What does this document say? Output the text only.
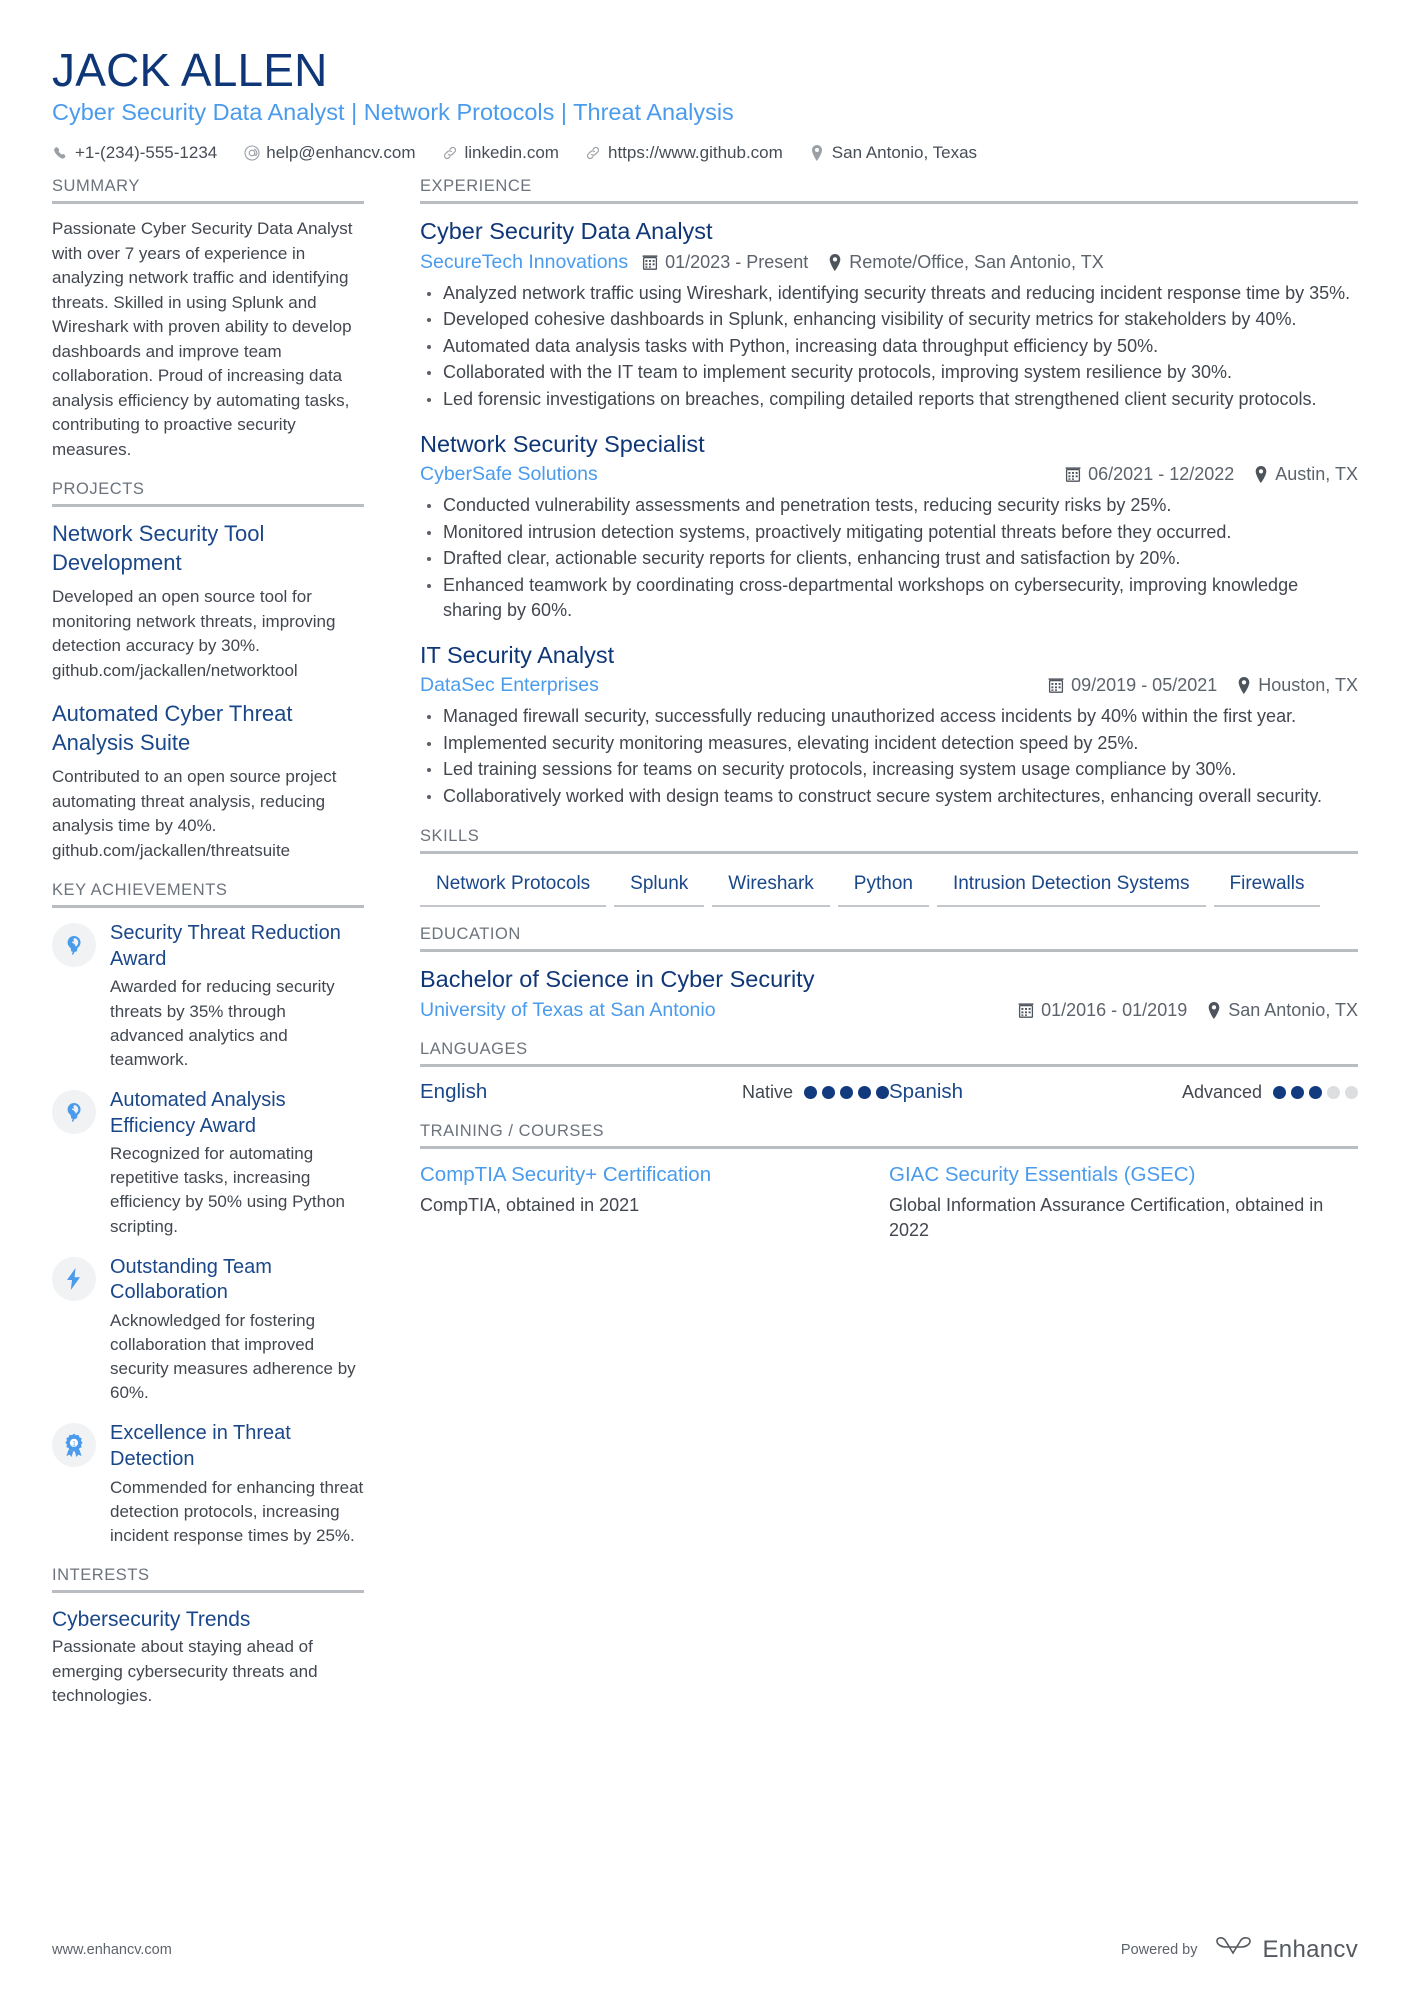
JACK ALLEN
Cyber Security Data Analyst | Network Protocols | Threat Analysis
+1-(234)-555-1234	help@enhancv.com	linkedin.com	https://www.github.com	San Antonio, Texas
SUMMARY
Passionate Cyber Security Data Analyst with over 7 years of experience in analyzing network traffic and identifying threats. Skilled in using Splunk and Wireshark with proven ability to develop dashboards and improve team collaboration. Proud of increasing data analysis efficiency by automating tasks, contributing to proactive security measures.
PROJECTS
Network Security Tool Development
Developed an open source tool for monitoring network threats, improving detection accuracy by 30%. github.com/jackallen/networktool
Automated Cyber Threat Analysis Suite
Contributed to an open source project automating threat analysis, reducing analysis time by 40%. github.com/jackallen/threatsuite
KEY ACHIEVEMENTS
Security Threat Reduction Award
Awarded for reducing security threats by 35% through advanced analytics and teamwork.
Automated Analysis Efficiency Award
Recognized for automating repetitive tasks, increasing efficiency by 50% using Python scripting.
Outstanding Team Collaboration
Acknowledged for fostering collaboration that improved security measures adherence by 60%.
1
Excellence in Threat Detection
Commended for enhancing threat detection protocols, increasing incident response times by 25%.
INTERESTS
Cybersecurity Trends
Passionate about staying ahead of emerging cybersecurity threats and technologies.
EXPERIENCE
Cyber Security Data Analyst
SecureTech Innovations 01/2023 - Present Remote/Office, San Antonio, TX
Analyzed network traffic using Wireshark, identifying security threats and reducing incident response time by 35%.
Developed cohesive dashboards in Splunk, enhancing visibility of security metrics for stakeholders by 40%.
Automated data analysis tasks with Python, increasing data throughput efficiency by 50%.
Collaborated with the IT team to implement security protocols, improving system resilience by 30%.
Led forensic investigations on breaches, compiling detailed reports that strengthened client security protocols.
Network Security Specialist
CyberSafe Solutions	06/2021 - 12/2022 Austin, TX
Conducted vulnerability assessments and penetration tests, reducing security risks by 25%.
Monitored intrusion detection systems, proactively mitigating potential threats before they occurred.
Drafted clear, actionable security reports for clients, enhancing trust and satisfaction by 20%.
Enhanced teamwork by coordinating cross-departmental workshops on cybersecurity, improving knowledge sharing by 60%.
IT Security Analyst
DataSec Enterprises	09/2019 - 05/2021 Houston, TX
Managed firewall security, successfully reducing unauthorized access incidents by 40% within the first year.
Implemented security monitoring measures, elevating incident detection speed by 25%.
Led training sessions for teams on security protocols, increasing system usage compliance by 30%.
Collaboratively worked with design teams to construct secure system architectures, enhancing overall security.
SKILLS
Network Protocols	Splunk	Wireshark	Python	Intrusion Detection Systems	Firewalls
EDUCATION
Bachelor of Science in Cyber Security
University of Texas at San Antonio	01/2016 - 01/2019 San Antonio, TX
LANGUAGES
English	Native	Spanish	Advanced
TRAINING / COURSES
CompTIA Security+ Certification
CompTIA, obtained in 2021
GIAC Security Essentials (GSEC)
Global Information Assurance Certification, obtained in 2022
www.enhancv.com	Powered by	Enhancv
